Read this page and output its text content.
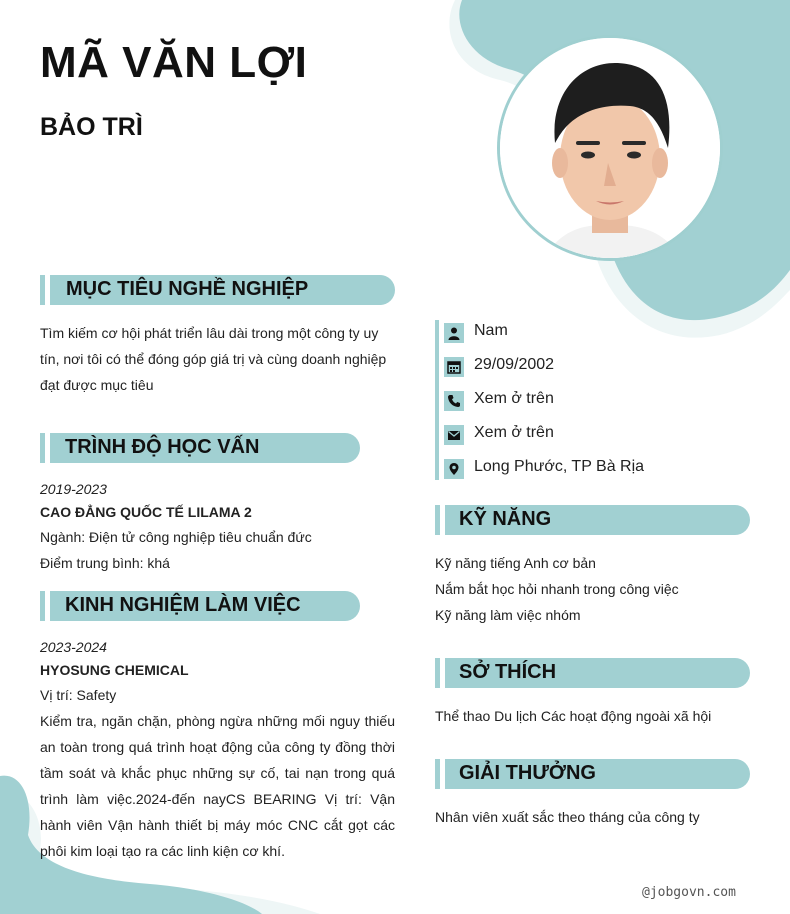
MÃ VĂN LỢI
BẢO TRÌ
MỤC TIÊU NGHỀ NGHIỆP
Tìm kiếm cơ hội phát triển lâu dài trong một công ty uy tín, nơi tôi có thể đóng góp giá trị và cùng doanh nghiệp đạt được mục tiêu
TRÌNH ĐỘ HỌC VẤN
2019-2023
CAO ĐẲNG QUỐC TẾ LILAMA 2
Ngành: Điện tử công nghiệp tiêu chuẩn đức
Điểm trung bình: khá
KINH NGHIỆM LÀM VIỆC
2023-2024
HYOSUNG CHEMICAL
Vị trí: Safety
Kiểm tra, ngăn chặn, phòng ngừa những mối nguy thiếu an toàn trong quá trình hoạt động của công ty đồng thời tầm soát và khắc phục những sự cố, tai nạn trong quá trình làm việc.2024-đến nayCS BEARING Vị trí: Vận hành viên Vận hành thiết bị máy móc CNC cắt gọt các phôi kim loại tạo ra các linh kiện cơ khí.
Nam
29/09/2002
Xem ở trên
Xem ở trên
Long Phước, TP Bà Rịa
KỸ NĂNG
Kỹ năng tiếng Anh cơ bản
Nắm bắt học hỏi nhanh trong công việc
Kỹ năng làm việc nhóm
SỞ THÍCH
Thể thao Du lịch Các hoạt động ngoài xã hội
GIẢI THƯỞNG
Nhân viên xuất sắc theo tháng của công ty
@jobgovn.com
